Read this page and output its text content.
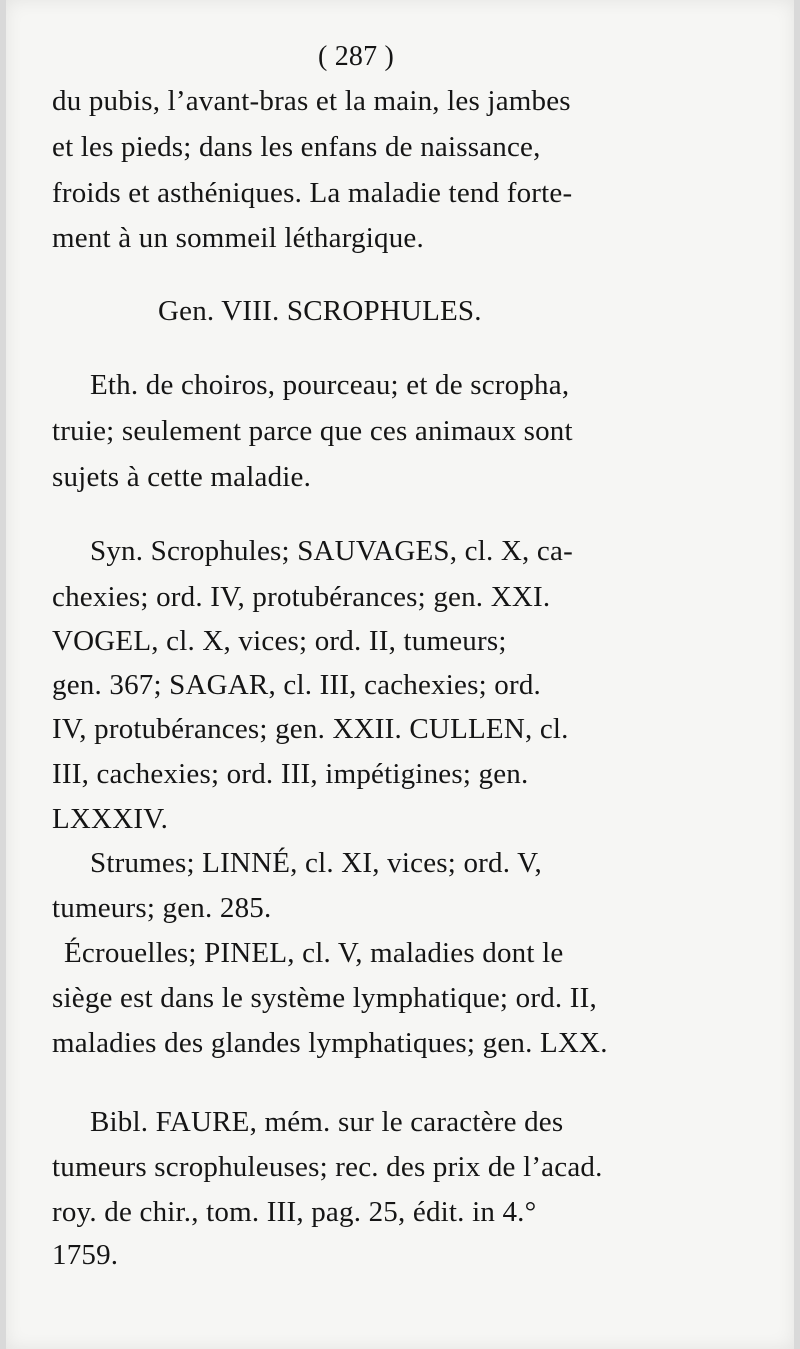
( 287 )
du pubis, l’avant-bras et la main, les jambes
et les pieds; dans les enfans de naissance,
froids et asthéniques. La maladie tend forte-
ment à un sommeil léthargique.
Gen. VIII. SCROPHULES.
Eth. de choiros, pourceau; et de scropha,
truie; seulement parce que ces animaux sont
sujets à cette maladie.
Syn. Scrophules; SAUVAGES, cl. X, ca-
chexies; ord. IV, protubérances; gen. XXI.
VOGEL, cl. X, vices; ord. II, tumeurs;
gen. 367; SAGAR, cl. III, cachexies; ord.
IV, protubérances; gen. XXII. CULLEN, cl.
III, cachexies; ord. III, impétigines; gen.
LXXXIV.
Strumes; LINNÉ, cl. XI, vices; ord. V,
tumeurs; gen. 285.
Écrouelles; PINEL, cl. V, maladies dont le
siège est dans le système lymphatique; ord. II,
maladies des glandes lymphatiques; gen. LXX.
Bibl. FAURE, mém. sur le caractère des
tumeurs scrophuleuses; rec. des prix de l’acad.
roy. de chir., tom. III, pag. 25, édit. in 4.°
1759.
